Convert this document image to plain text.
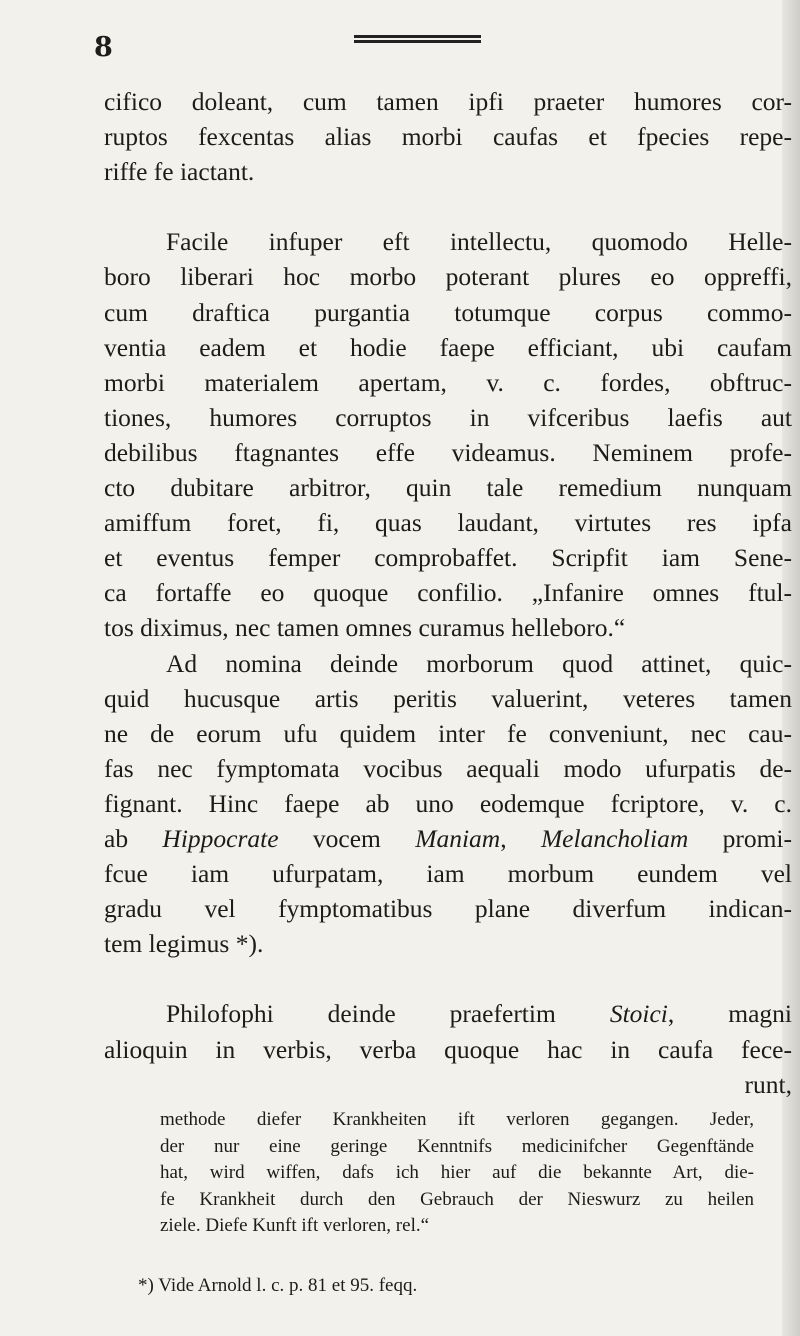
8
cifico doleant, cum tamen ipfi praeter humores cor-
ruptos fexcentas alias morbi caufas et fpecies repe-
riffe fe iactant.
Facile infuper eft intellectu, quomodo Helle-
boro liberari hoc morbo poterant plures eo oppreffi,
cum draftica purgantia totumque corpus commo-
ventia eadem et hodie faepe efficiant, ubi caufam
morbi materialem apertam, v. c. fordes, obftruc-
tiones, humores corruptos in vifceribus laefis aut
debilibus ftagnantes effe videamus. Neminem profe-
cto dubitare arbitror, quin tale remedium nunquam
amiffum foret, fi, quas laudant, virtutes res ipfa
et eventus femper comprobaffet. Scripfit iam Sene-
ca fortaffe eo quoque confilio. „Infanire omnes ftul-
tos diximus, nec tamen omnes curamus helleboro.“
Ad nomina deinde morborum quod attinet, quic-
quid hucusque artis peritis valuerint, veteres tamen
ne de eorum ufu quidem inter fe conveniunt, nec cau-
fas nec fymptomata vocibus aequali modo ufurpatis de-
fignant. Hinc faepe ab uno eodemque fcriptore, v. c.
ab Hippocrate vocem Maniam, Melancholiam promi-
fcue iam ufurpatam, iam morbum eundem vel
gradu vel fymptomatibus plane diverfum indican-
tem legimus *).
Philofophi deinde praefertim Stoici, magni
alioquin in verbis, verba quoque hac in caufa fece-
runt,
methode diefer Krankheiten ift verloren gegangen. Jeder,
der nur eine geringe Kenntnifs medicinifcher Gegenftände
hat, wird wiffen, dafs ich hier auf die bekannte Art, die-
fe Krankheit durch den Gebrauch der Nieswurz zu heilen
ziele. Diefe Kunft ift verloren, rel.“
*) Vide Arnold l. c. p. 81 et 95. feqq.
